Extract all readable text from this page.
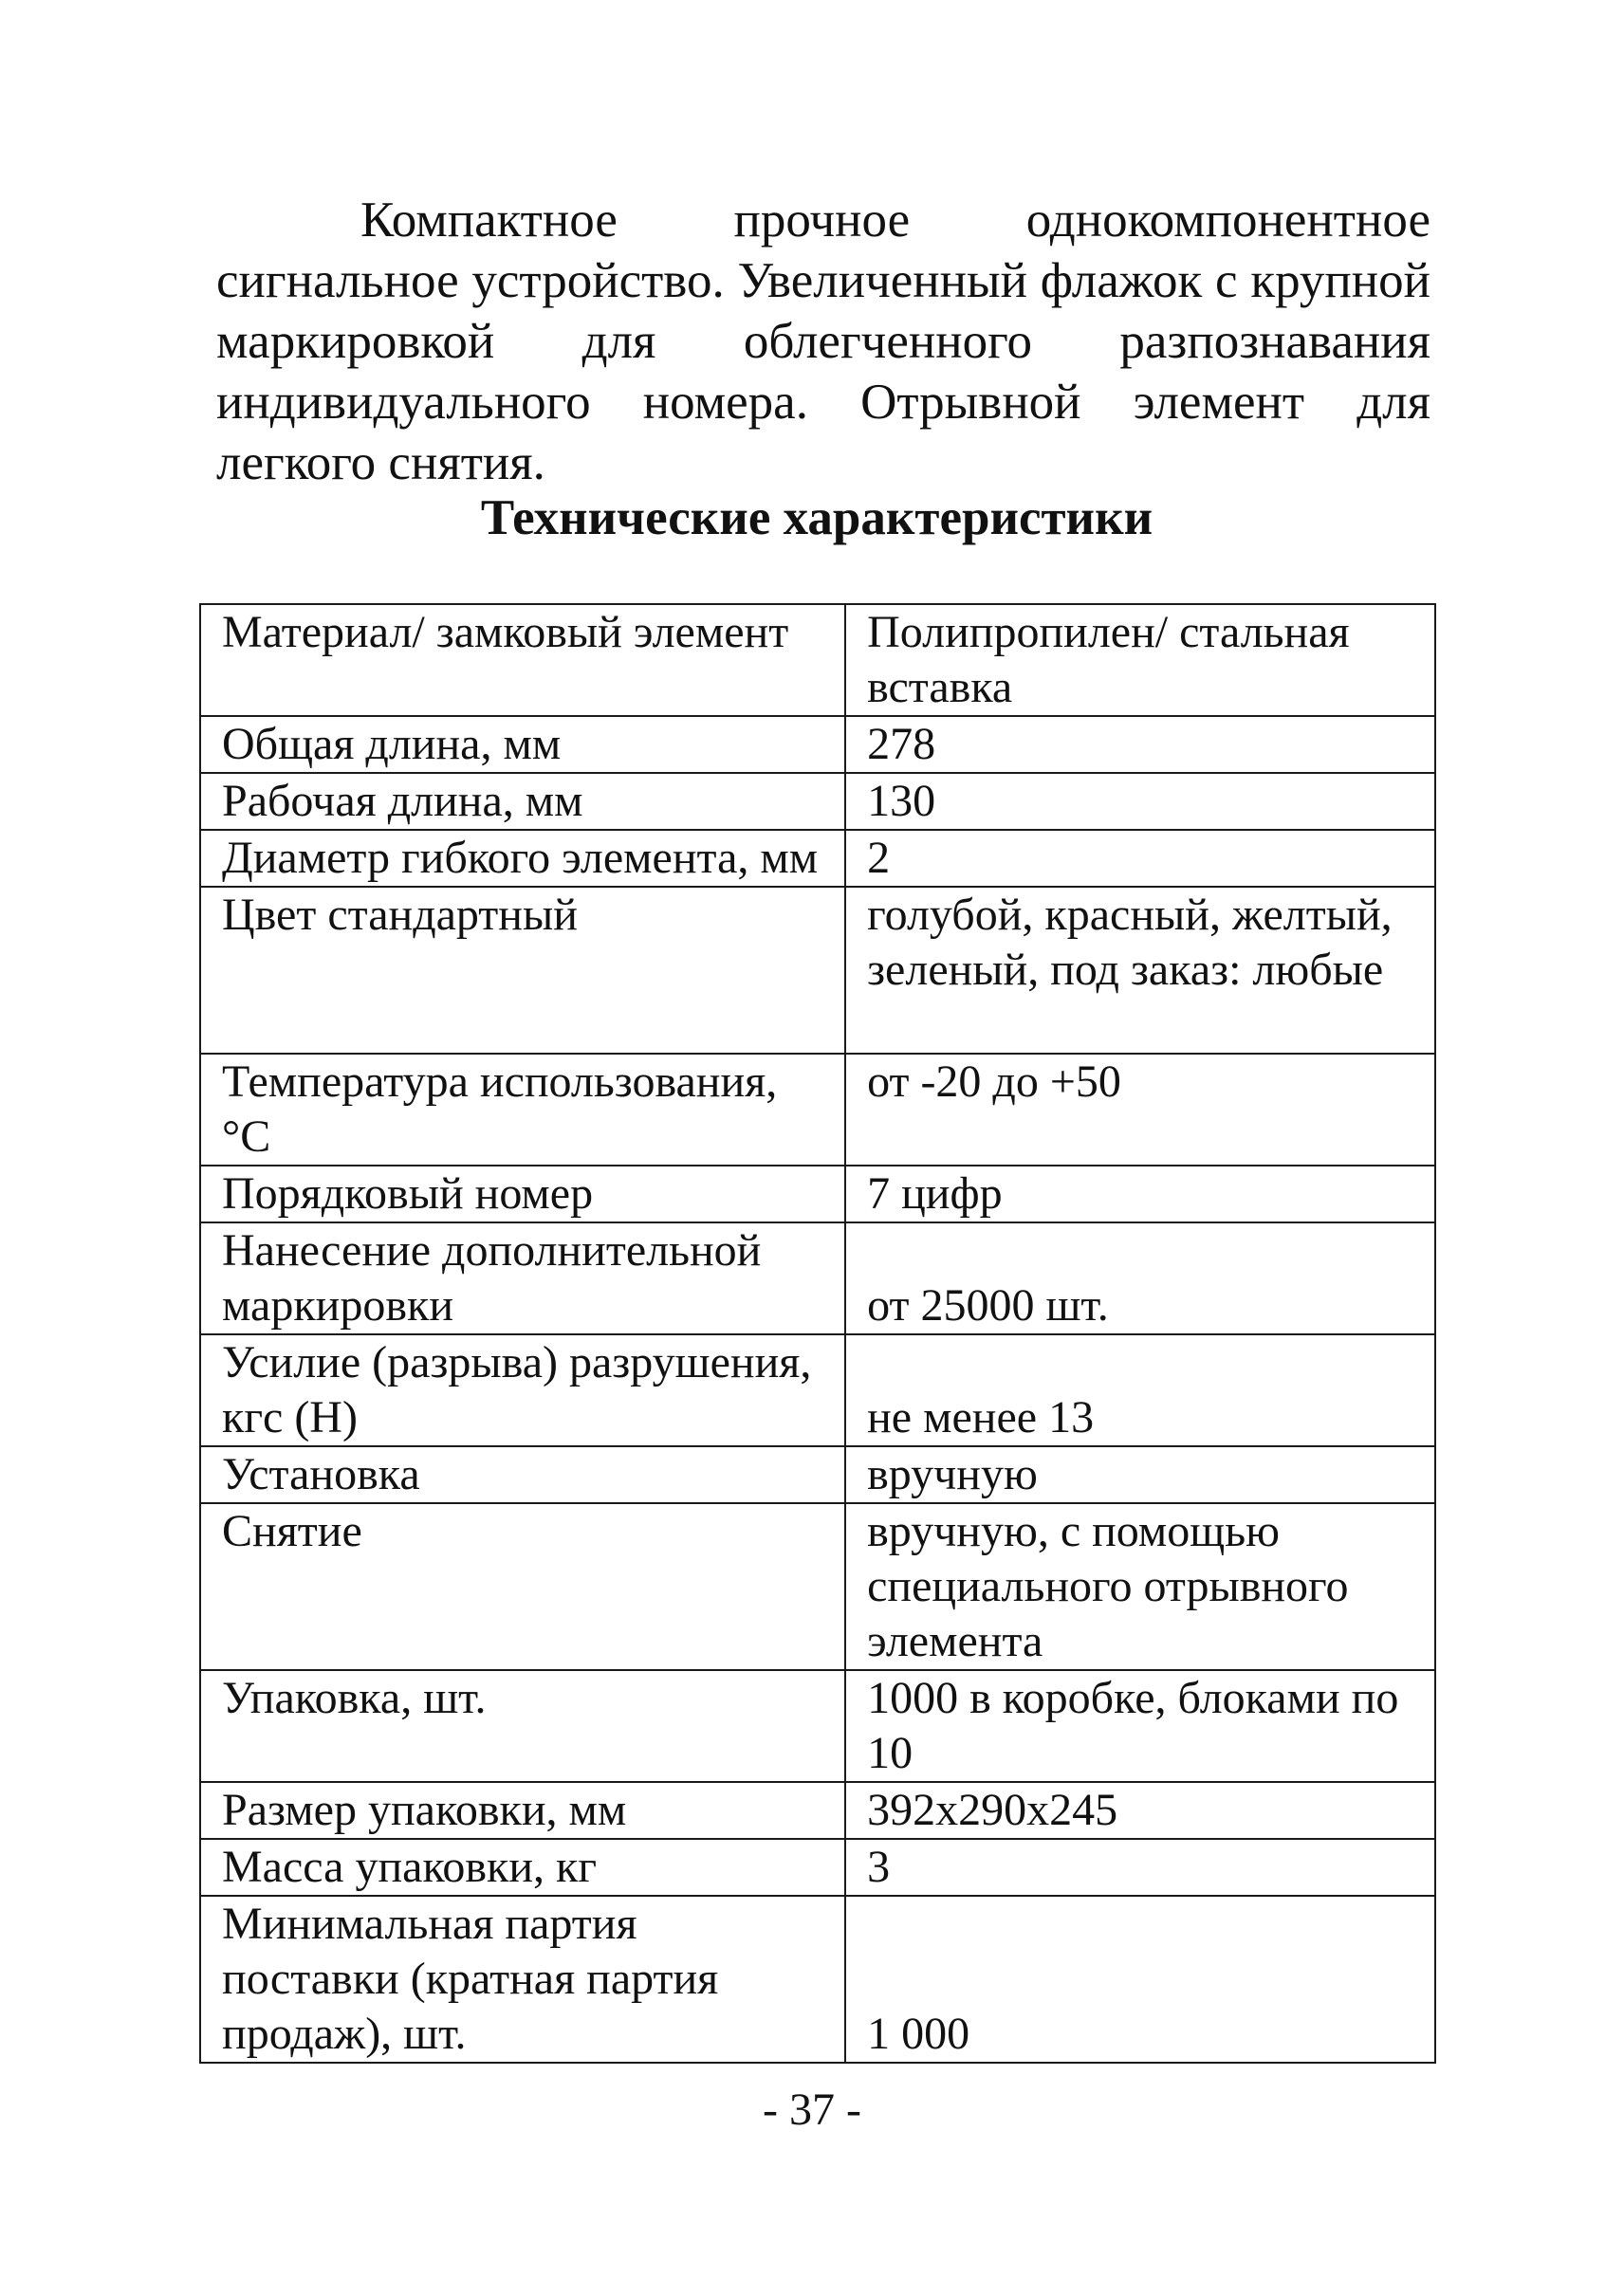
Компактное прочное однокомпонентное сигнальное устройство. Увеличенный флажок с крупной маркировкой для облегченного разпознавания индивидуального номера. Отрывной элемент для легкого снятия.

Технические характеристики
Материал/ замковый элемент	Полипропилен/ стальная вставка
Общая длина, мм	278
Рабочая длина, мм	130
Диаметр гибкого элемента, мм	2
Цвет стандартный	голубой, красный, желтый, зеленый, под заказ: любые
Температура использования, °С	от -20 до +50
Порядковый номер	7 цифр
Нанесение дополнительной маркировки	от 25000 шт.
Усилие (разрыва) разрушения, кгс (Н)	не менее 13
Установка	вручную
Снятие	вручную, с помощью специального отрывного элемента
Упаковка, шт.	1000 в коробке, блоками по 10
Размер упаковки, мм	392x290x245
Масса упаковки, кг	3
Минимальная партия поставки (кратная партия продаж), шт.	1 000
- 37 -
